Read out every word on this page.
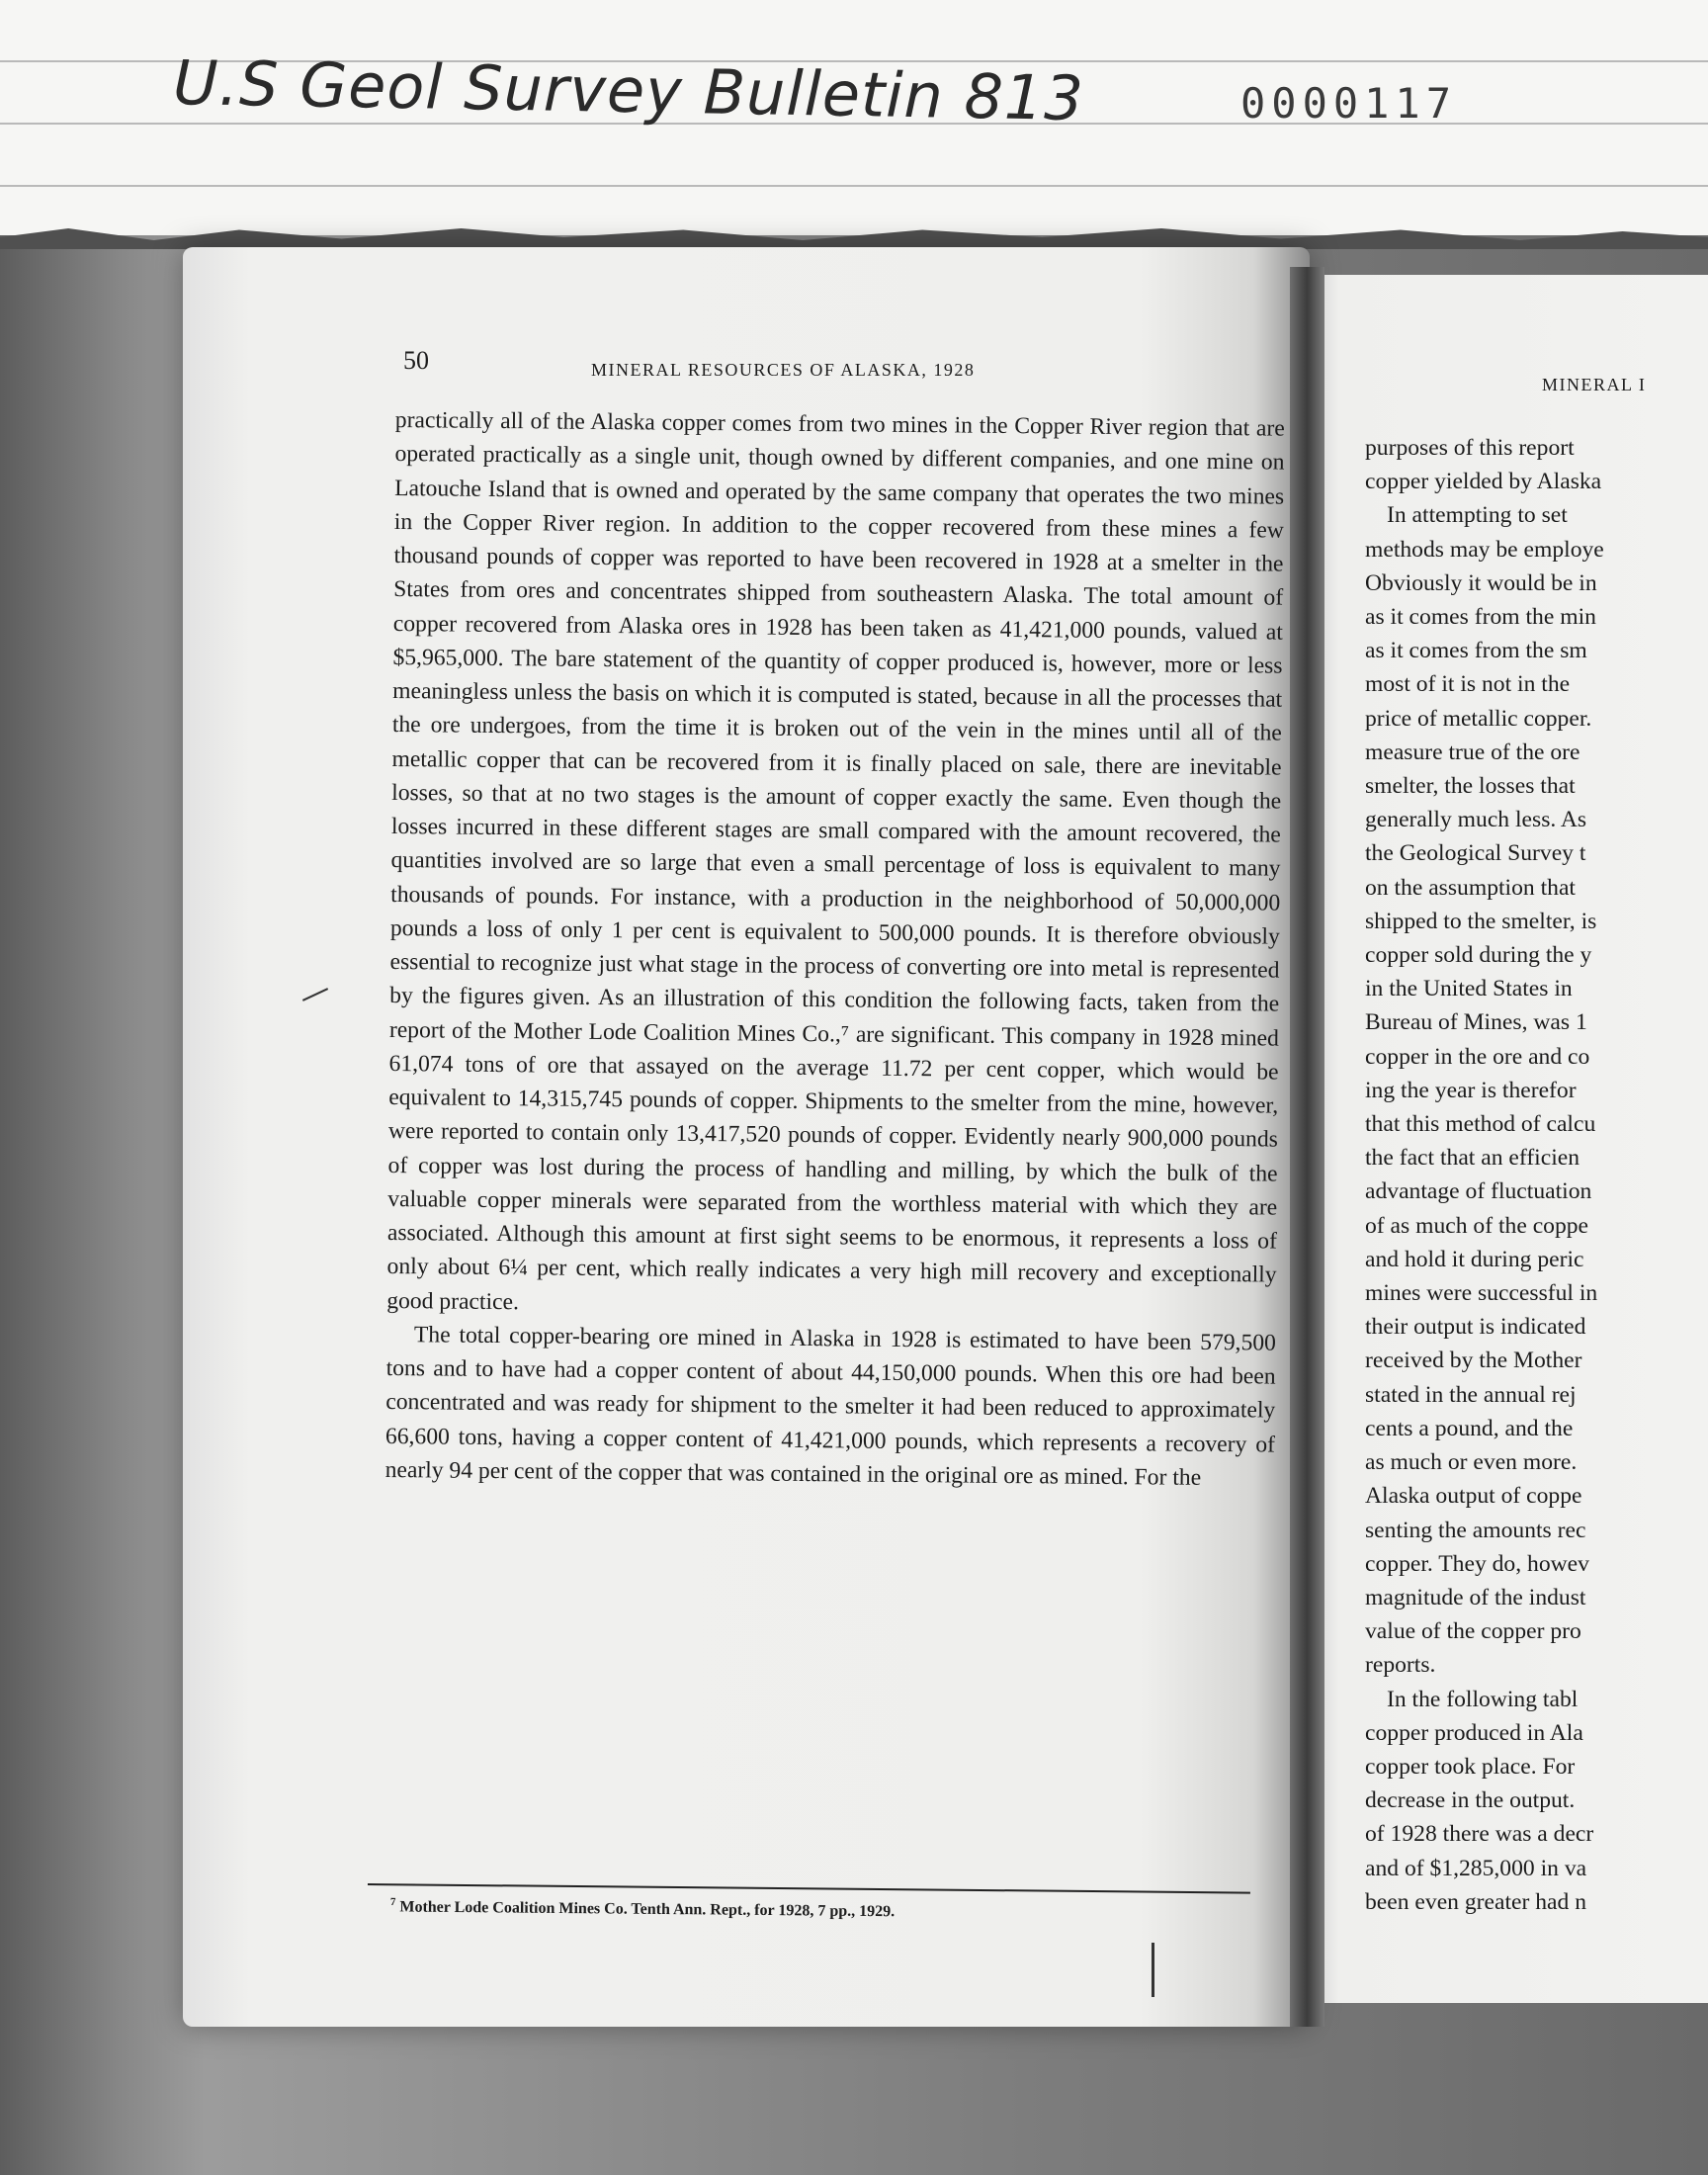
U.S Geol Survey Bulletin 813	0000117

50	MINERAL RESOURCES OF ALASKA, 1928

MINERAL I

practically all of the Alaska copper comes from two mines in the Copper River region that are operated practically as a single unit, though owned by different companies, and one mine on Latouche Island that is owned and operated by the same company that operates the two mines in the Copper River region. In addition to the copper recovered from these mines a few thousand pounds of copper was reported to have been recovered in 1928 at a smelter in the States from ores and concentrates shipped from southeastern Alaska. The total amount of copper recovered from Alaska ores in 1928 has been taken as 41,421,000 pounds, valued at $5,965,000. The bare statement of the quantity of copper produced is, however, more or less meaningless unless the basis on which it is computed is stated, because in all the processes that the ore undergoes, from the time it is broken out of the vein in the mines until all of the metallic copper that can be recovered from it is finally placed on sale, there are inevitable losses, so that at no two stages is the amount of copper exactly the same. Even though the losses incurred in these different stages are small compared with the amount recovered, the quantities involved are so large that even a small percentage of loss is equivalent to many thousands of pounds. For instance, with a production in the neighborhood of 50,000,000 pounds a loss of only 1 per cent is equivalent to 500,000 pounds. It is therefore obviously essential to recognize just what stage in the process of converting ore into metal is represented by the figures given. As an illustration of this condition the following facts, taken from the report of the Mother Lode Coalition Mines Co.,⁷ are significant. This company in 1928 mined 61,074 tons of ore that assayed on the average 11.72 per cent copper, which would be equivalent to 14,315,745 pounds of copper. Shipments to the smelter from the mine, however, were reported to contain only 13,417,520 pounds of copper. Evidently nearly 900,000 pounds of copper was lost during the process of handling and milling, by which the bulk of the valuable copper minerals were separated from the worthless material with which they are associated. Although this amount at first sight seems to be enormous, it represents a loss of only about 6¼ per cent, which really indicates a very high mill recovery and exceptionally good practice.

The total copper-bearing ore mined in Alaska in 1928 is estimated to have been 579,500 tons and to have had a copper content of about 44,150,000 pounds. When this ore had been concentrated and was ready for shipment to the smelter it had been reduced to approximately 66,600 tons, having a copper content of 41,421,000 pounds, which represents a recovery of nearly 94 per cent of the copper that was contained in the original ore as mined. For the

$^7$ Mother Lode Coalition Mines Co. Tenth Ann. Rept., for 1928, 7 pp., 1929.

purposes of this report
copper yielded by Alaska
In attempting to set
methods may be employe
Obviously it would be in
as it comes from the min
as it comes from the sm
most of it is not in the
price of metallic copper.
measure true of the ore
smelter, the losses that
generally much less. As
the Geological Survey t
on the assumption that
shipped to the smelter, is
copper sold during the y
in the United States in
Bureau of Mines, was 1
copper in the ore and co
ing the year is therefor
that this method of calcu
the fact that an efficien
advantage of fluctuation
of as much of the coppe
and hold it during peric
mines were successful in
their output is indicated
received by the Mother
stated in the annual rej
cents a pound, and the
as much or even more.
Alaska output of coppe
senting the amounts rec
copper. They do, howev
magnitude of the indust
value of the copper pro
reports.
In the following tabl
copper produced in Ala
copper took place. For
decrease in the output.
of 1928 there was a decr
and of $1,285,000 in va
been even greater had n
